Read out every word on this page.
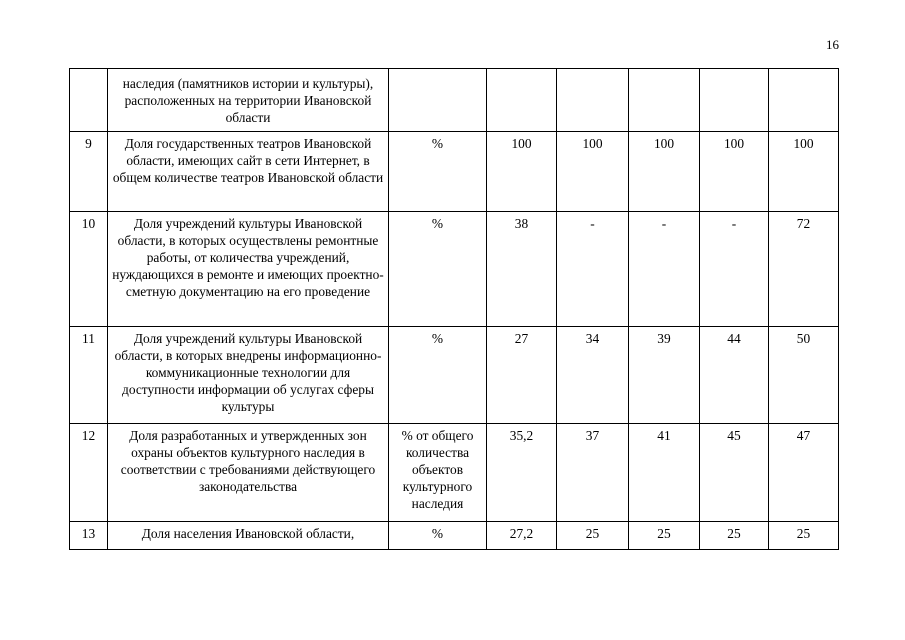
16
	наследия (памятников истории и культуры), расположенных на территории Ивановской области						
9	Доля государственных театров Ивановской области, имеющих сайт в сети Интернет, в общем количестве театров Ивановской области	%	100	100	100	100	100
10	Доля учреждений культуры Ивановской области, в которых осуществлены ремонтные работы, от количества учреждений, нуждающихся в ремонте и имеющих проектно-сметную документацию на его проведение	%	38	-	-	-	72
11	Доля учреждений культуры Ивановской области, в которых внедрены информационно-коммуникационные технологии для доступности информации об услугах сферы культуры	%	27	34	39	44	50
12	Доля разработанных и утвержденных зон охраны объектов культурного наследия в соответствии с требованиями действующего законодательства	% от общего количества объектов культурного наследия	35,2	37	41	45	47
13	Доля населения Ивановской области,	%	27,2	25	25	25	25
